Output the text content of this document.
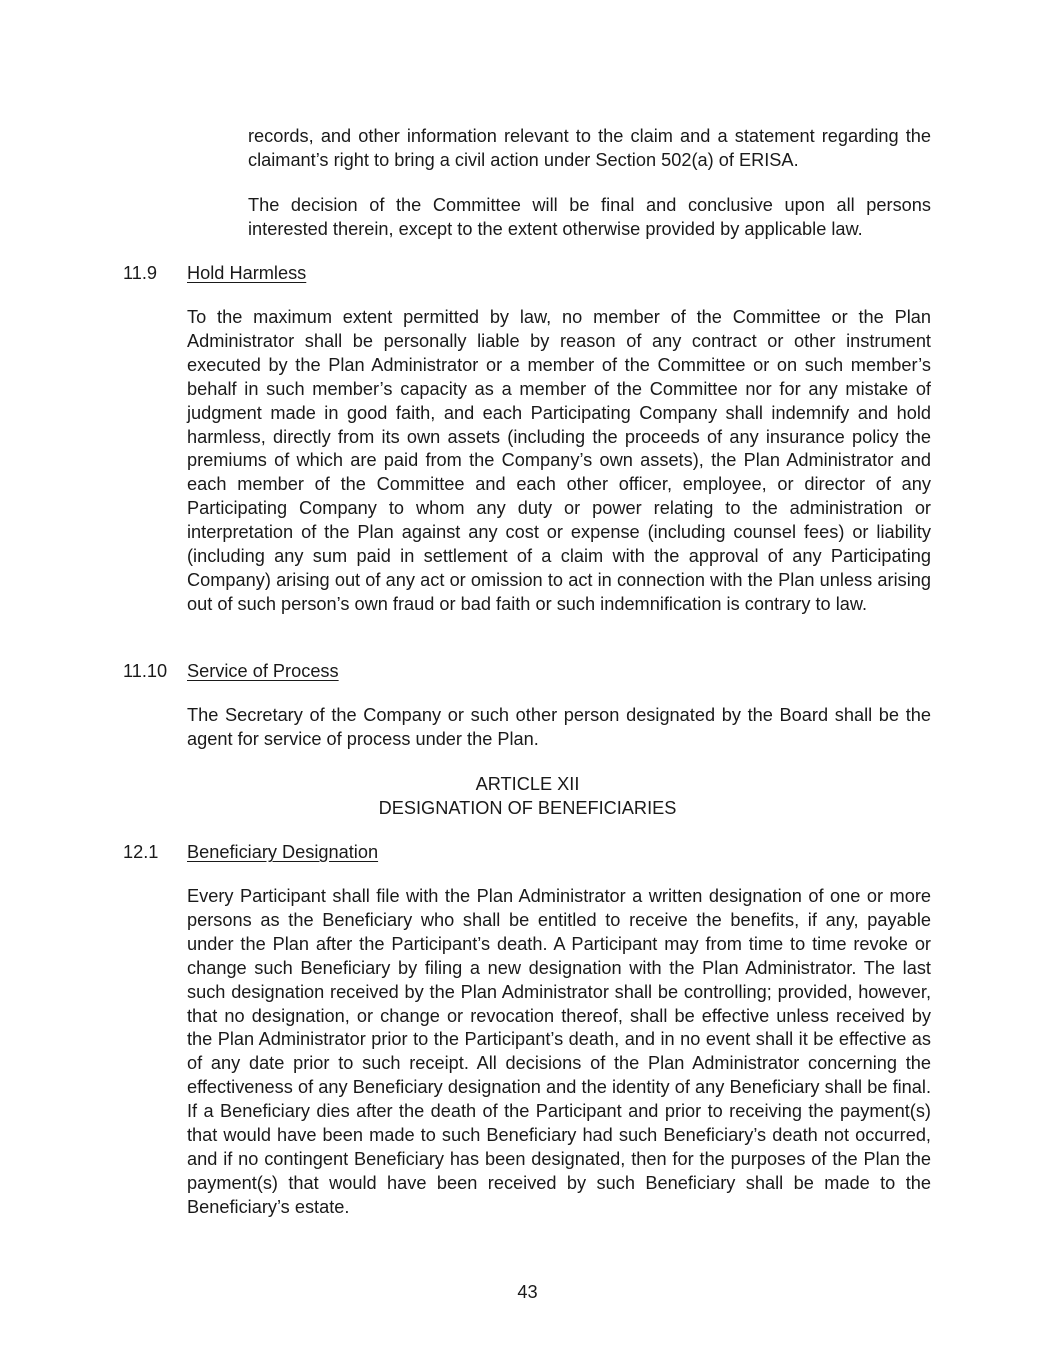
records, and other information relevant to the claim and a statement regarding the claimant’s right to bring a civil action under Section 502(a) of ERISA.

The decision of the Committee will be final and conclusive upon all persons interested therein, except to the extent otherwise provided by applicable law.

11.9 Hold Harmless

To the maximum extent permitted by law, no member of the Committee or the Plan Administrator shall be personally liable by reason of any contract or other instrument executed by the Plan Administrator or a member of the Committee or on such member’s behalf in such member’s capacity as a member of the Committee nor for any mistake of judgment made in good faith, and each Participating Company shall indemnify and hold harmless, directly from its own assets (including the proceeds of any insurance policy the premiums of which are paid from the Company’s own assets), the Plan Administrator and each member of the Committee and each other officer, employee, or director of any Participating Company to whom any duty or power relating to the administration or interpretation of the Plan against any cost or expense (including counsel fees) or liability (including any sum paid in settlement of a claim with the approval of any Participating Company) arising out of any act or omission to act in connection with the Plan unless arising out of such person’s own fraud or bad faith or such indemnification is contrary to law.

11.10 Service of Process

The Secretary of the Company or such other person designated by the Board shall be the agent for service of process under the Plan.

ARTICLE XII
DESIGNATION OF BENEFICIARIES

12.1 Beneficiary Designation

Every Participant shall file with the Plan Administrator a written designation of one or more persons as the Beneficiary who shall be entitled to receive the benefits, if any, payable under the Plan after the Participant’s death. A Participant may from time to time revoke or change such Beneficiary by filing a new designation with the Plan Administrator. The last such designation received by the Plan Administrator shall be controlling; provided, however, that no designation, or change or revocation thereof, shall be effective unless received by the Plan Administrator prior to the Participant’s death, and in no event shall it be effective as of any date prior to such receipt. All decisions of the Plan Administrator concerning the effectiveness of any Beneficiary designation and the identity of any Beneficiary shall be final. If a Beneficiary dies after the death of the Participant and prior to receiving the payment(s) that would have been made to such Beneficiary had such Beneficiary’s death not occurred, and if no contingent Beneficiary has been designated, then for the purposes of the Plan the payment(s) that would have been received by such Beneficiary shall be made to the Beneficiary’s estate.

43
